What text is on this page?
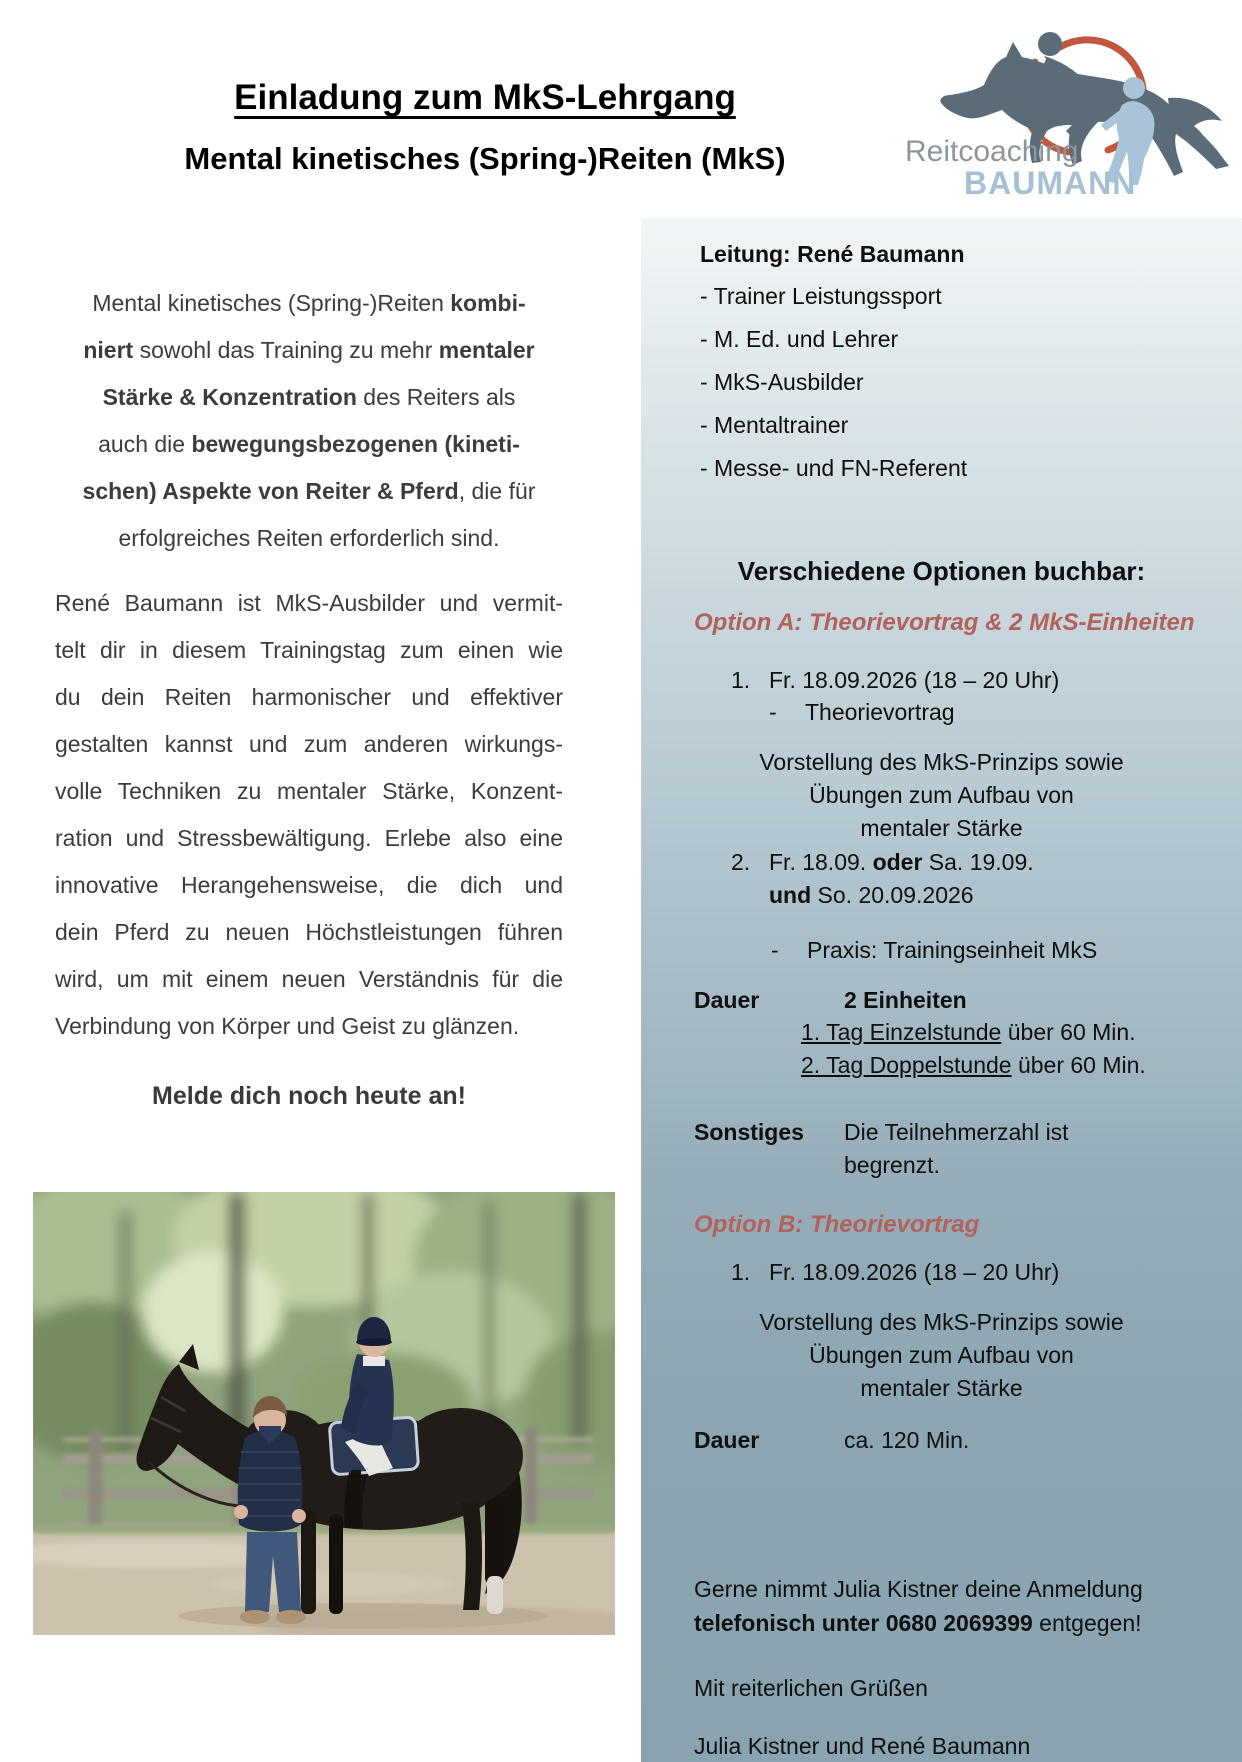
Einladung zum MkS-Lehrgang
Mental kinetisches (Spring-)Reiten (MkS)	Reitcoaching
BAUMANN
Mental kinetisches (Spring-)Reiten kombi-
niert sowohl das Training zu mehr mentaler
Stärke & Konzentration des Reiters als
auch die bewegungsbezogenen (kineti-
schen) Aspekte von Reiter & Pferd, die für
erfolgreiches Reiten erforderlich sind.
René Baumann ist MkS-Ausbilder und vermit-
telt dir in diesem Trainingstag zum einen wie
du dein Reiten harmonischer und effektiver
gestalten kannst und zum anderen wirkungs-
volle Techniken zu mentaler Stärke, Konzent-
ration und Stressbewältigung. Erlebe also eine
innovative Herangehensweise, die dich und
dein Pferd zu neuen Höchstleistungen führen
wird, um mit einem neuen Verständnis für die
Verbindung von Körper und Geist zu glänzen.
Melde dich noch heute an!
Leitung: René Baumann
- Trainer Leistungssport
- M. Ed. und Lehrer
- MkS-Ausbilder
- Mentaltrainer
- Messe- und FN-Referent
Verschiedene Optionen buchbar:
Option A: Theorievortrag & 2 MkS-Einheiten
1. Fr. 18.09.2026 (18 – 20 Uhr)
-	Theorievortrag
Vorstellung des MkS-Prinzips sowie
Übungen zum Aufbau von
mentaler Stärke
2. Fr. 18.09. oder Sa. 19.09.
und So. 20.09.2026
-	Praxis: Trainingseinheit MkS
Dauer	2 Einheiten
1. Tag Einzelstunde über 60 Min.
2. Tag Doppelstunde über 60 Min.
Sonstiges Die Teilnehmerzahl ist
begrenzt.
Option B: Theorievortrag
1. Fr. 18.09.2026 (18 – 20 Uhr)
Vorstellung des MkS-Prinzips sowie
Übungen zum Aufbau von
mentaler Stärke
Dauer	ca. 120 Min.
Gerne nimmt Julia Kistner deine Anmeldung
telefonisch unter 0680 2069399 entgegen!
Mit reiterlichen Grüßen
Julia Kistner und René Baumann
